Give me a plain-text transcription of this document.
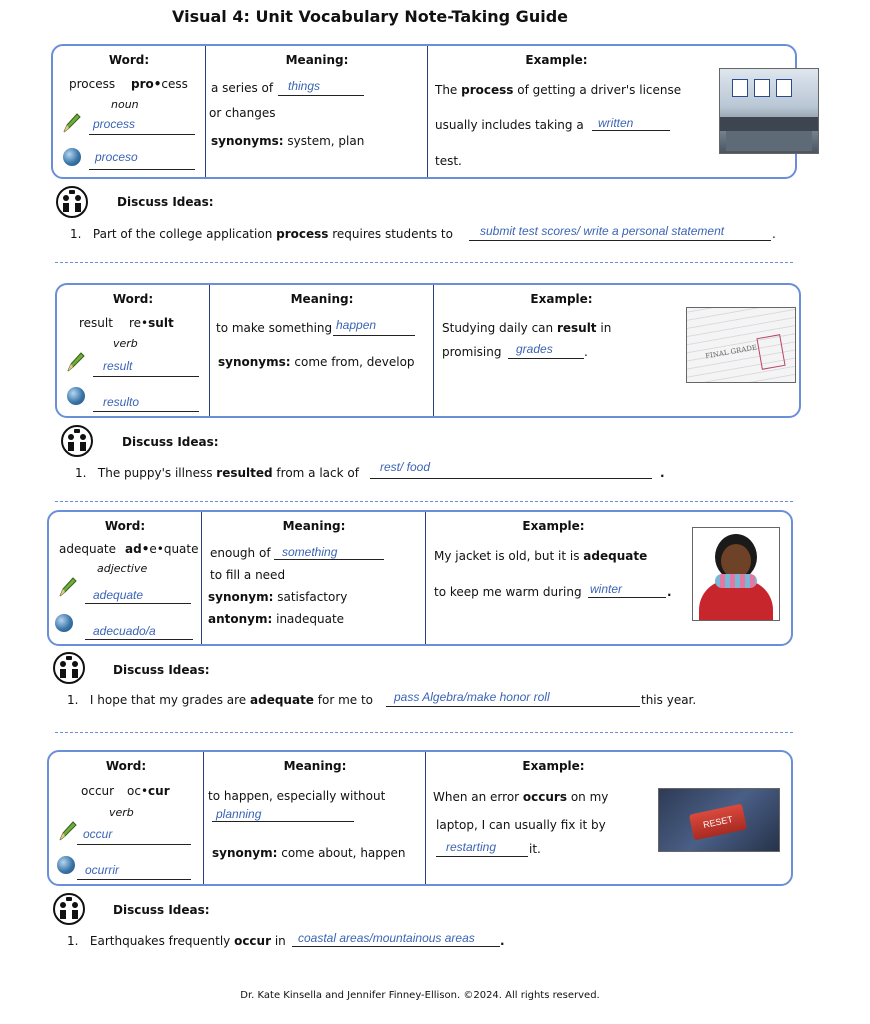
Visual 4: Unit Vocabulary Note-Taking Guide
Word:
process pro•cess
noun
process
proceso
Meaning:
a series of things
or changes
synonyms: system, plan
Example:
The process of getting a driver's license
usually includes taking a written
test.
Discuss Ideas:
1. Part of the college application process requires students to submit test scores/ write a personal statement	.
Word:
result re•sult
verb
result
resulto
Meaning:
to make something happen
synonyms: come from, develop
Example:
Studying daily can result in
promising grades	.	FINAL GRADE
Discuss Ideas:
1. The puppy's illness resulted from a lack of rest/ food	.
Word:
adequate ad•e•quate
adjective
adequate
adecuado/a
Meaning:
enough of something
to fill a need
synonym: satisfactory
antonym: inadequate
Example:
My jacket is old, but it is adequate
to keep me warm during winter	.
Discuss Ideas:
1. I hope that my grades are adequate for me to pass Algebra/make honor roll	this year.
Word:
occur oc•cur
verb
occur
ocurrir
Meaning:
to happen, especially without
planning
synonym: come about, happen
Example:
When an error occurs on my
laptop, I can usually fix it by
restarting	it.
RESET
Discuss Ideas:
1. Earthquakes frequently occur in coastal areas/mountainous areas .
Dr. Kate Kinsella and Jennifer Finney-Ellison. ©2024. All rights reserved.
